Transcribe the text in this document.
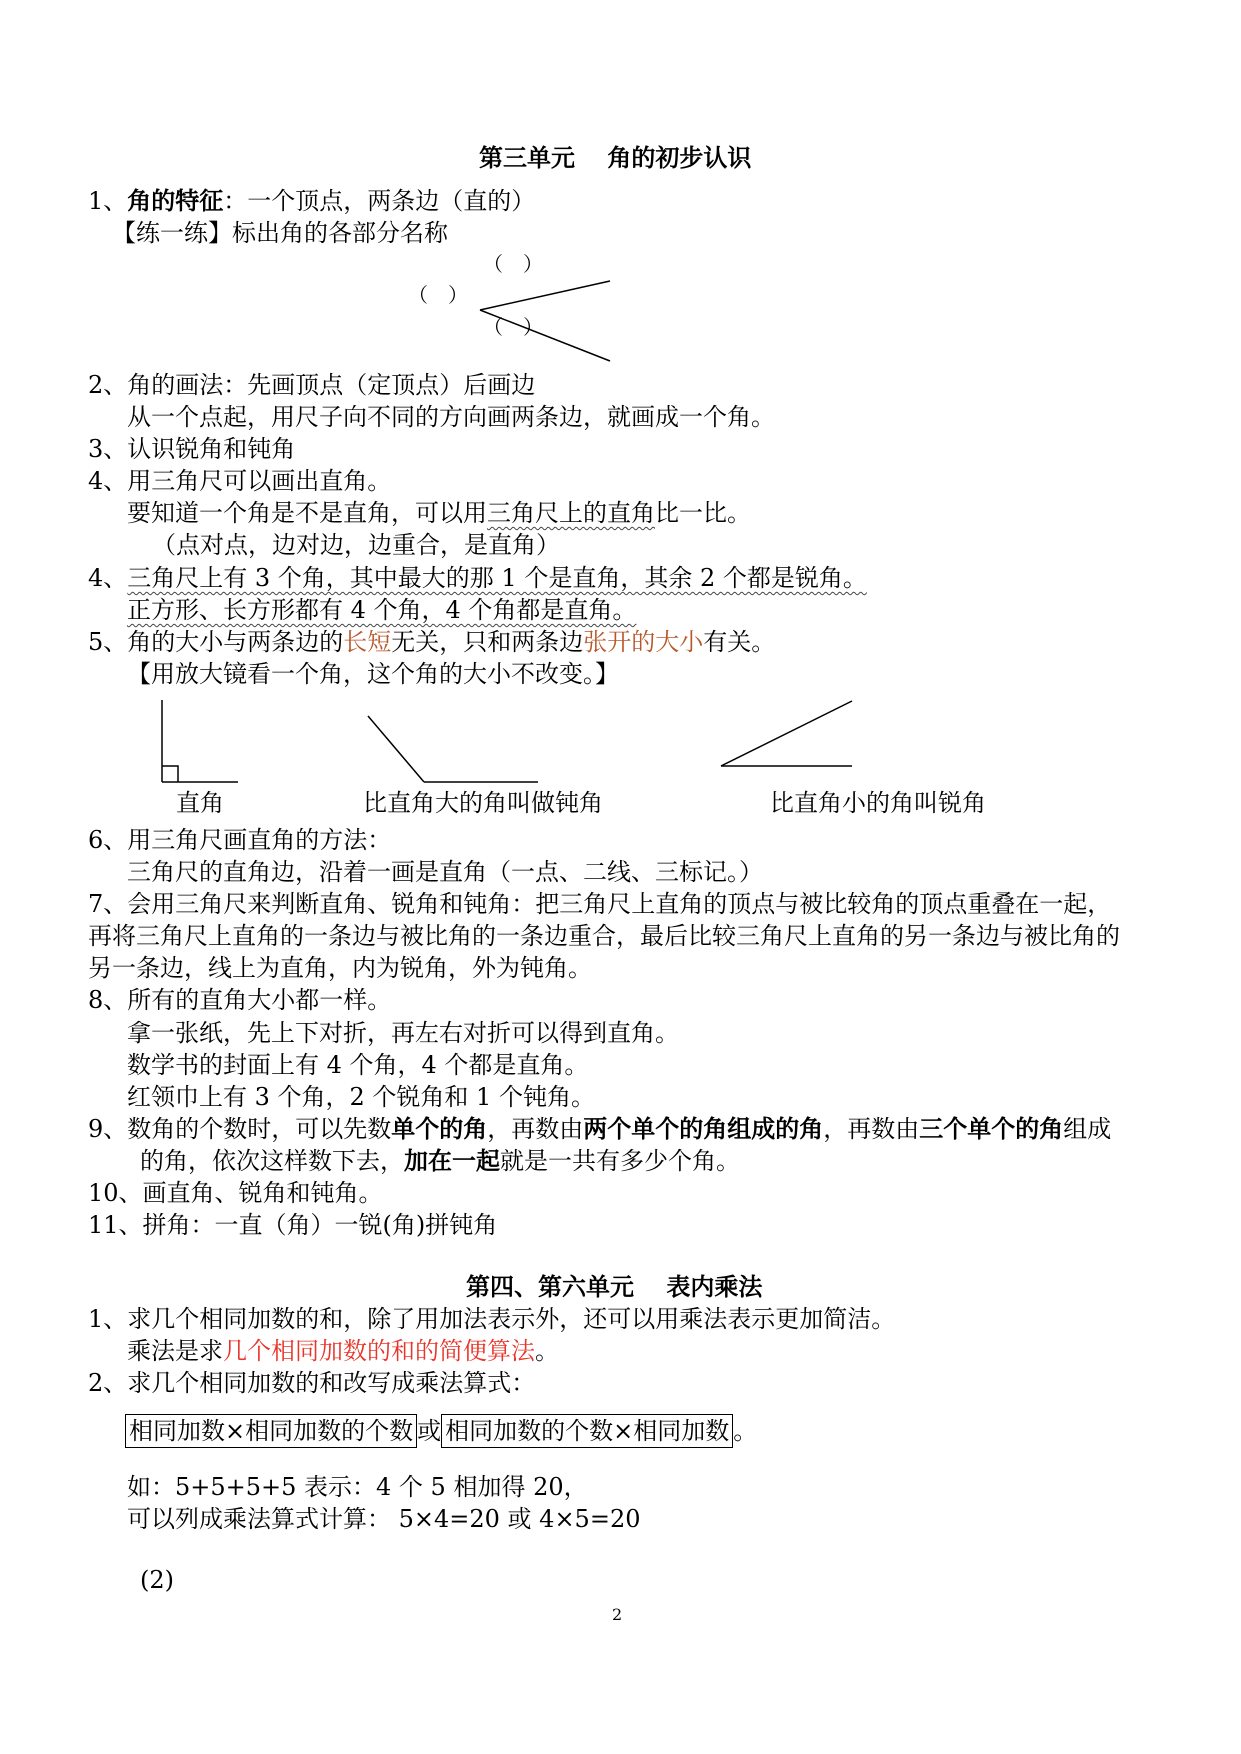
第三单元　 角的初步认识
1、角的特征：一个顶点，两条边（直的）
【练一练】标出角的各部分名称
（　）
（　）
（　）
2、角的画法：先画顶点（定顶点）后画边
从一个点起，用尺子向不同的方向画两条边，就画成一个角。
3、认识锐角和钝角
4、用三角尺可以画出直角。
要知道一个角是不是直角，可以用三角尺上的直角比一比。
（点对点，边对边，边重合，是直角）
4、三角尺上有 3 个角，其中最大的那 1 个是直角，其余 2 个都是锐角。
正方形、长方形都有 4 个角，4 个角都是直角。
5、角的大小与两条边的长短无关，只和两条边张开的大小有关。
【用放大镜看一个角，这个角的大小不改变。】
直角	比直角大的角叫做钝角	比直角小的角叫锐角
6、用三角尺画直角的方法：
三角尺的直角边，沿着一画是直角（一点、二线、三标记。）
7、会用三角尺来判断直角、锐角和钝角：把三角尺上直角的顶点与被比较角的顶点重叠在一起，
再将三角尺上直角的一条边与被比角的一条边重合，最后比较三角尺上直角的另一条边与被比角的
另一条边，线上为直角，内为锐角，外为钝角。
8、所有的直角大小都一样。
拿一张纸，先上下对折，再左右对折可以得到直角。
数学书的封面上有 4 个角，4 个都是直角。
红领巾上有 3 个角，2 个锐角和 1 个钝角。
9、数角的个数时，可以先数单个的角，再数由两个单个的角组成的角，再数由三个单个的角组成
的角，依次这样数下去，加在一起就是一共有多少个角。
10、画直角、锐角和钝角。
11、拼角：一直（角）一锐(角)拼钝角
第四、第六单元　 表内乘法
1、求几个相同加数的和，除了用加法表示外，还可以用乘法表示更加简洁。
乘法是求几个相同加数的和的简便算法。
2、求几个相同加数的和改写成乘法算式：
相同加数×相同加数的个数 或 相同加数的个数×相同加数 。
如：5+5+5+5 表示：4 个 5 相加得 20，
可以列成乘法算式计算： 5×4=20 或 4×5=20
(2)
2
